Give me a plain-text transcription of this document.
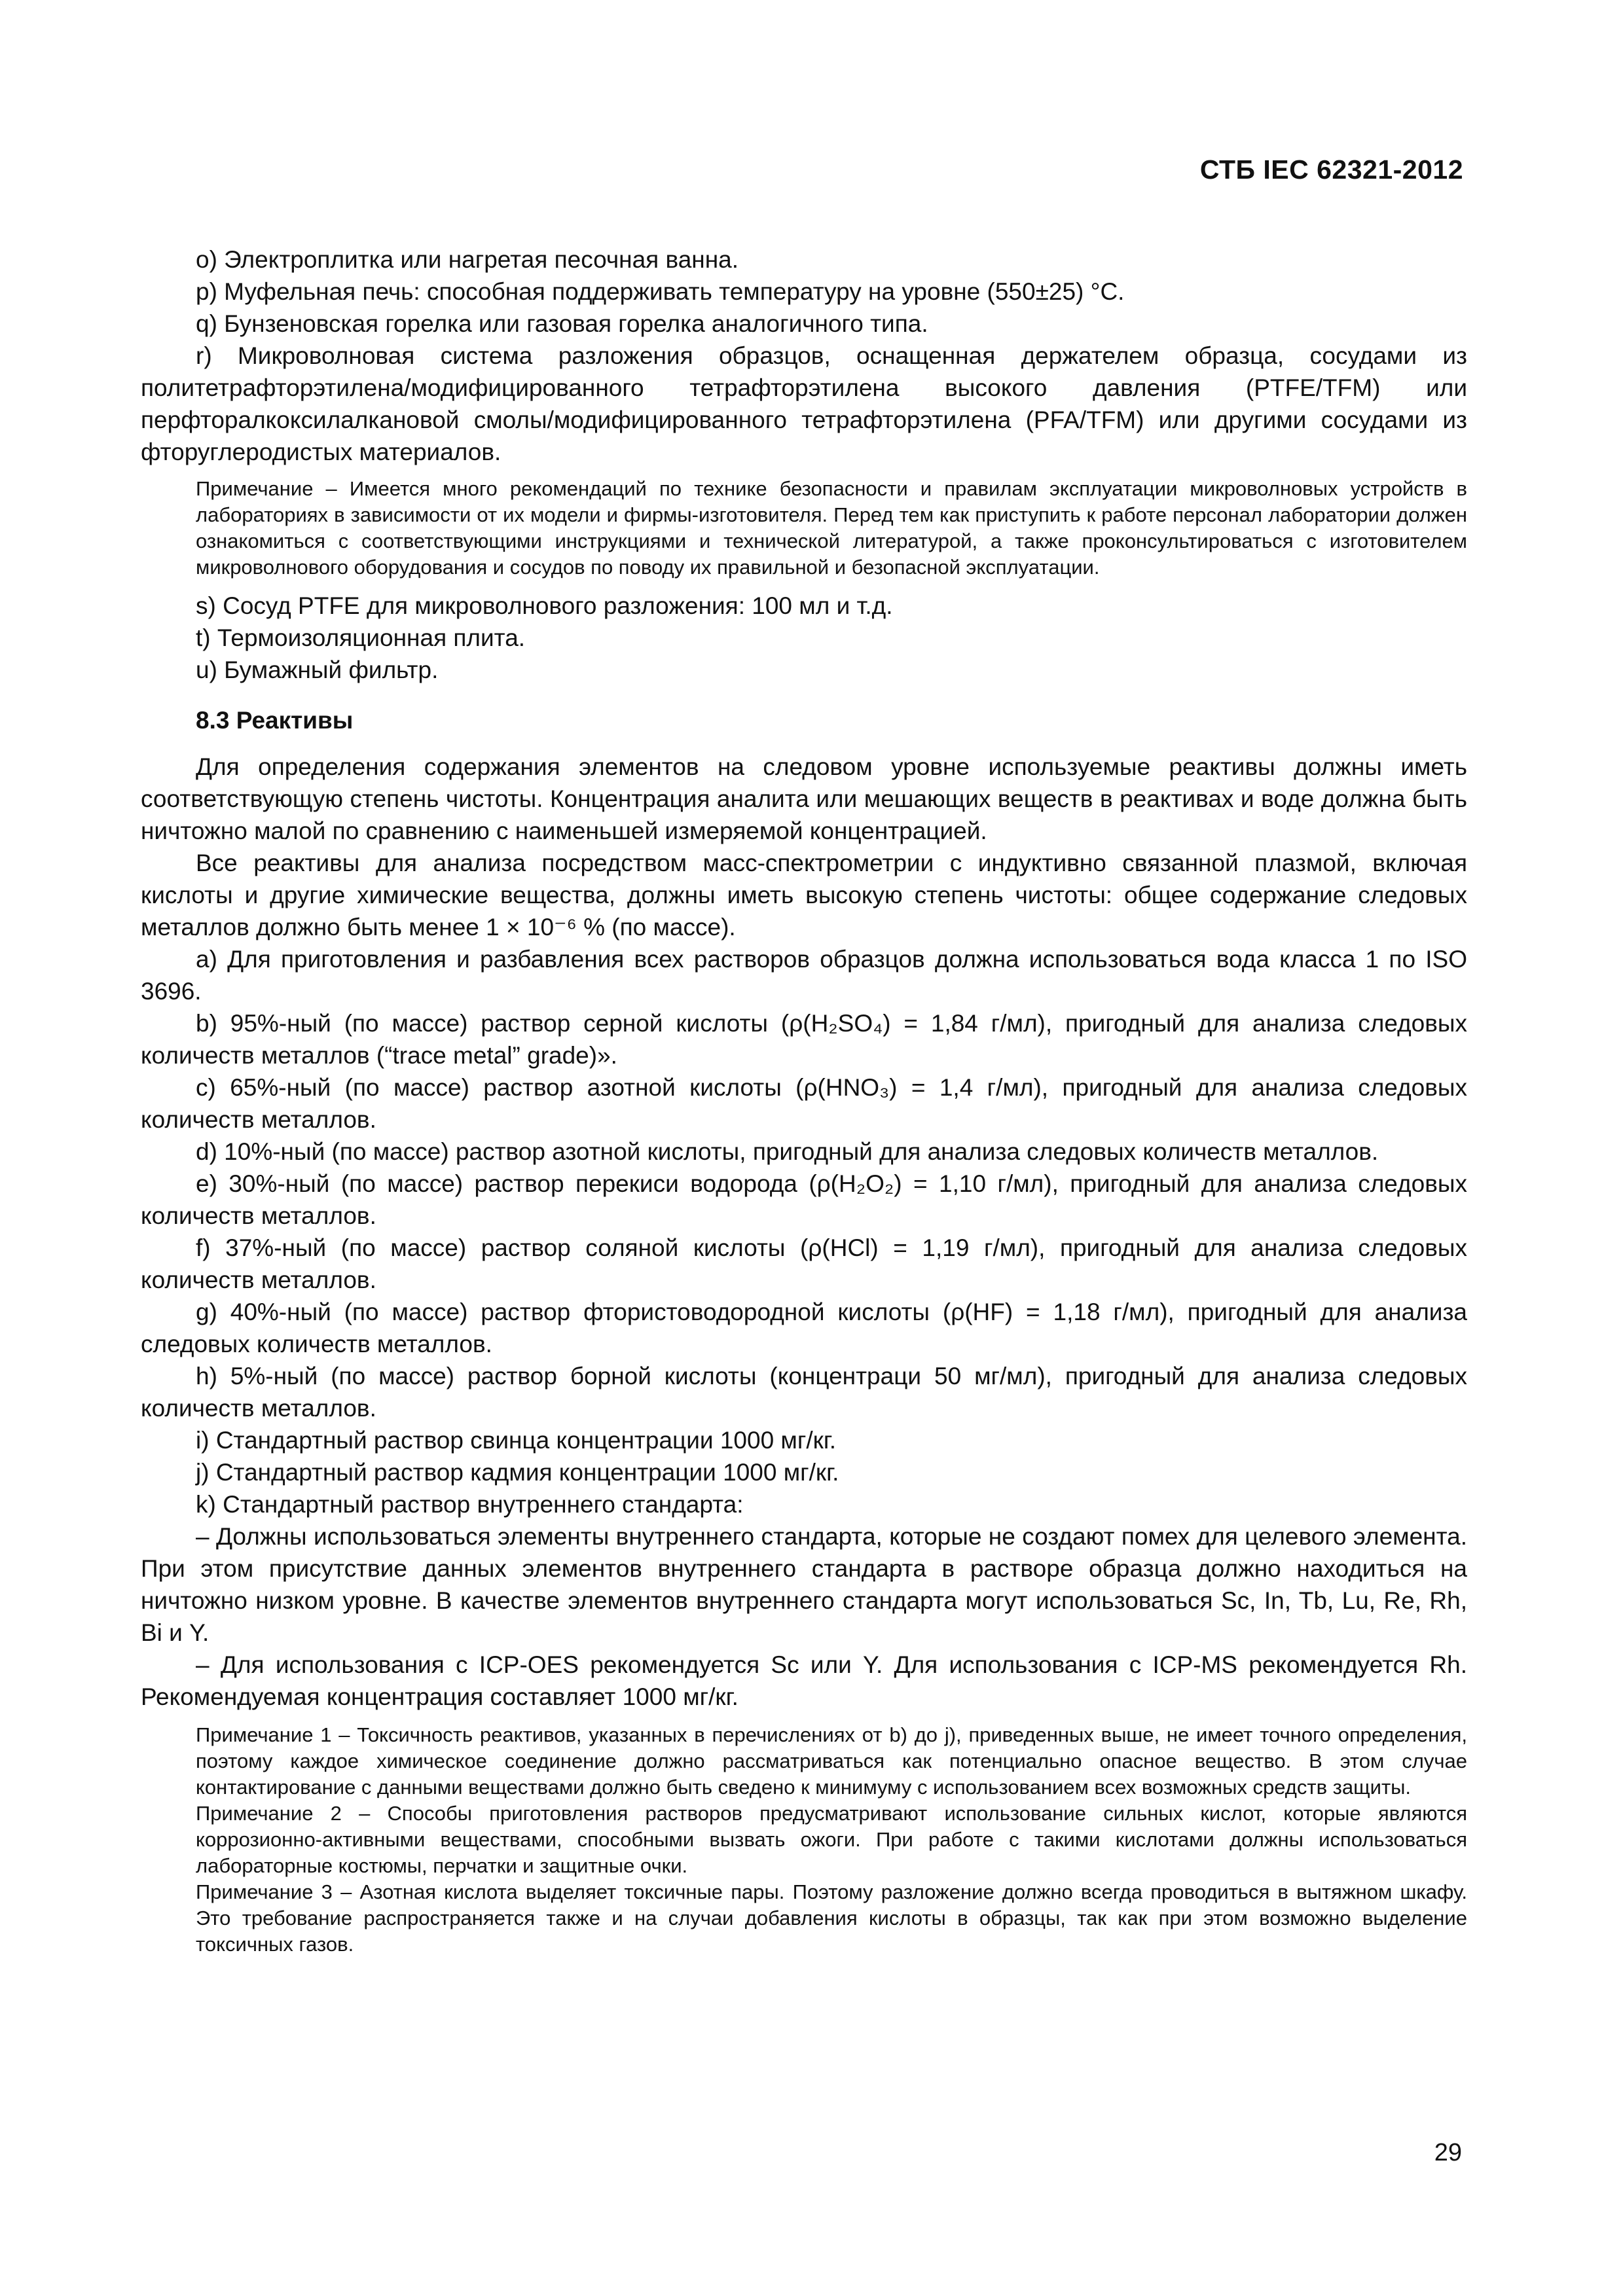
СТБ IEC 62321-2012

o) Электроплитка или нагретая песочная ванна.

p) Муфельная печь: способная поддерживать температуру на уровне (550±25) °C.

q) Бунзеновская горелка или газовая горелка аналогичного типа.

r) Микроволновая система разложения образцов, оснащенная держателем образца, сосудами из политетрафторэтилена/модифицированного тетрафторэтилена высокого давления (PTFE/TFM) или перфторалкоксилалкановой смолы/модифицированного тетрафторэтилена (PFA/TFM) или другими сосудами из фторуглеродистых материалов.

Примечание – Имеется много рекомендаций по технике безопасности и правилам эксплуатации микроволновых устройств в лабораториях в зависимости от их модели и фирмы-изготовителя. Перед тем как приступить к работе персонал лаборатории должен ознакомиться с соответствующими инструкциями и технической литературой, а также проконсультироваться с изготовителем микроволнового оборудования и сосудов по поводу их правильной и безопасной эксплуатации.

s) Сосуд PTFE для микроволнового разложения: 100 мл и т.д.

t) Термоизоляционная плита.

u) Бумажный фильтр.

8.3 Реактивы

Для определения содержания элементов на следовом уровне используемые реактивы должны иметь соответствующую степень чистоты. Концентрация аналита или мешающих веществ в реактивах и воде должна быть ничтожно малой по сравнению с наименьшей измеряемой концентрацией.

Все реактивы для анализа посредством масс-спектрометрии с индуктивно связанной плазмой, включая кислоты и другие химические вещества, должны иметь высокую степень чистоты: общее содержание следовых металлов должно быть менее 1 × 10⁻⁶ % (по массе).

a) Для приготовления и разбавления всех растворов образцов должна использоваться вода класса 1 по ISO 3696.

b) 95%-ный (по массе) раствор серной кислоты (ρ(H₂SO₄) = 1,84 г/мл), пригодный для анализа следовых количеств металлов (“trace metal” grade)».

c) 65%-ный (по массе) раствор азотной кислоты (ρ(HNO₃) = 1,4 г/мл), пригодный для анализа следовых количеств металлов.

d) 10%-ный (по массе) раствор азотной кислоты, пригодный для анализа следовых количеств металлов.

e) 30%-ный (по массе) раствор перекиси водорода (ρ(H₂O₂) = 1,10 г/мл), пригодный для анализа следовых количеств металлов.

f) 37%-ный (по массе) раствор соляной кислоты (ρ(HCl) = 1,19 г/мл), пригодный для анализа следовых количеств металлов.

g) 40%-ный (по массе) раствор фтористоводородной кислоты (ρ(HF) = 1,18 г/мл), пригодный для анализа следовых количеств металлов.

h) 5%-ный (по массе) раствор борной кислоты (концентраци 50 мг/мл), пригодный для анализа следовых количеств металлов.

i) Стандартный раствор свинца концентрации 1000 мг/кг.

j) Стандартный раствор кадмия концентрации 1000 мг/кг.

k) Стандартный раствор внутреннего стандарта:

– Должны использоваться элементы внутреннего стандарта, которые не создают помех для целевого элемента. При этом присутствие данных элементов внутреннего стандарта в растворе образца должно находиться на ничтожно низком уровне. В качестве элементов внутреннего стандарта могут использоваться Sc, In, Tb, Lu, Re, Rh, Bi и Y.

– Для использования с ICP-OES рекомендуется Sc или Y. Для использования с ICP-MS рекомендуется Rh. Рекомендуемая концентрация составляет 1000 мг/кг.

Примечание 1 – Токсичность реактивов, указанных в перечислениях от b) до j), приведенных выше, не имеет точного определения, поэтому каждое химическое соединение должно рассматриваться как потенциально опасное вещество. В этом случае контактирование с данными веществами должно быть сведено к минимуму с использованием всех возможных средств защиты.

Примечание 2 – Способы приготовления растворов предусматривают использование сильных кислот, которые являются коррозионно-активными веществами, способными вызвать ожоги. При работе с такими кислотами должны использоваться лабораторные костюмы, перчатки и защитные очки.

Примечание 3 – Азотная кислота выделяет токсичные пары. Поэтому разложение должно всегда проводиться в вытяжном шкафу. Это требование распространяется также и на случаи добавления кислоты в образцы, так как при этом возможно выделение токсичных газов.

29
